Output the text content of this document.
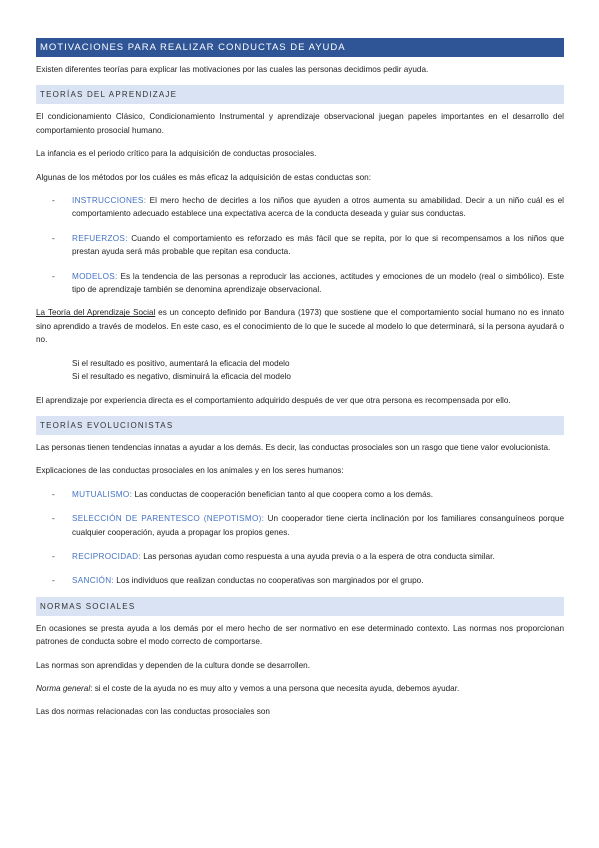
MOTIVACIONES PARA REALIZAR CONDUCTAS DE AYUDA

Existen diferentes teorías para explicar las motivaciones por las cuales las personas decidimos pedir ayuda.

TEORÍAS DEL APRENDIZAJE

El condicionamiento Clásico, Condicionamiento Instrumental y aprendizaje observacional juegan papeles importantes en el desarrollo del comportamiento prosocial humano.

La infancia es el periodo crítico para la adquisición de conductas prosociales.

Algunas de los métodos por los cuáles es más eficaz la adquisición de estas conductas son:

- INSTRUCCIONES: El mero hecho de decirles a los niños que ayuden a otros aumenta su amabilidad. Decir a un niño cuál es el comportamiento adecuado establece una expectativa acerca de la conducta deseada y guiar sus conductas.
- REFUERZOS: Cuando el comportamiento es reforzado es más fácil que se repita, por lo que si recompensamos a los niños que prestan ayuda será más probable que repitan esa conducta.
- MODELOS: Es la tendencia de las personas a reproducir las acciones, actitudes y emociones de un modelo (real o simbólico). Este tipo de aprendizaje también se denomina aprendizaje observacional.

La Teoría del Aprendizaje Social es un concepto definido por Bandura (1973) que sostiene que el comportamiento social humano no es innato sino aprendido a través de modelos. En este caso, es el conocimiento de lo que le sucede al modelo lo que determinará, si la persona ayudará o no.

Si el resultado es positivo, aumentará la eficacia del modelo
Si el resultado es negativo, disminuirá la eficacia del modelo

El aprendizaje por experiencia directa es el comportamiento adquirido después de ver que otra persona es recompensada por ello.

TEORÍAS EVOLUCIONISTAS

Las personas tienen tendencias innatas a ayudar a los demás. Es decir, las conductas prosociales son un rasgo que tiene valor evolucionista.

Explicaciones de las conductas prosociales en los animales y en los seres humanos:

- MUTUALISMO: Las conductas de cooperación benefician tanto al que coopera como a los demás.
- SELECCIÓN DE PARENTESCO (NEPOTISMO): Un cooperador tiene cierta inclinación por los familiares consanguíneos porque cualquier cooperación, ayuda a propagar los propios genes.
- RECIPROCIDAD: Las personas ayudan como respuesta a una ayuda previa o a la espera de otra conducta similar.
- SANCIÓN: Los individuos que realizan conductas no cooperativas son marginados por el grupo.
NORMAS SOCIALES

En ocasiones se presta ayuda a los demás por el mero hecho de ser normativo en ese determinado contexto. Las normas nos proporcionan patrones de conducta sobre el modo correcto de comportarse.

Las normas son aprendidas y dependen de la cultura donde se desarrollen.

Norma general: si el coste de la ayuda no es muy alto y vemos a una persona que necesita ayuda, debemos ayudar.

Las dos normas relacionadas con las conductas prosociales son
